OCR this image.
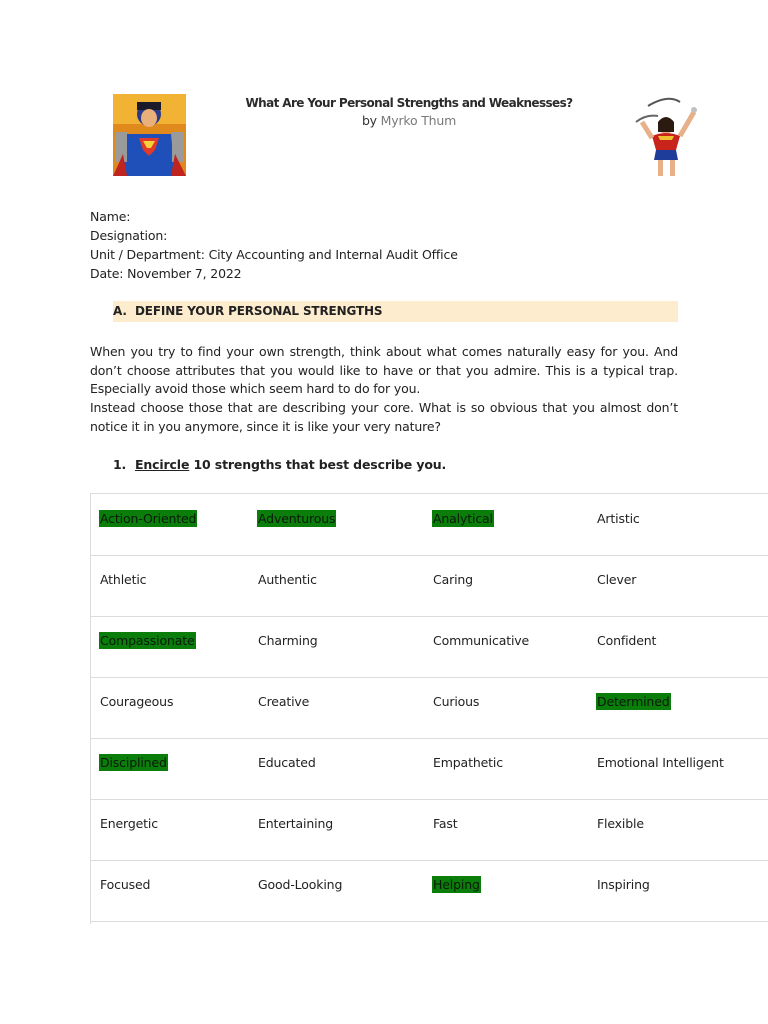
What Are Your Personal Strengths and Weaknesses?
by Myrko Thum
Name:
Designation:
Unit / Department: City Accounting and Internal Audit Office
Date: November 7, 2022
A. DEFINE YOUR PERSONAL STRENGTHS
When you try to find your own strength, think about what comes naturally easy for you. And don’t choose attributes that you would like to have or that you admire. This is a typical trap. Especially avoid those which seem hard to do for you.
Instead choose those that are describing your core. What is so obvious that you almost don’t notice it in you anymore, since it is like your very nature?
1. Encircle 10 strengths that best describe you.
Action-Oriented	Adventurous	Analytical	Artistic
Athletic	Authentic	Caring	Clever
Compassionate	Charming	Communicative	Confident
Courageous	Creative	Curious	Determined
Disciplined	Educated	Empathetic	Emotional Intelligent
Energetic	Entertaining	Fast	Flexible
Focused	Good-Looking	Helping	Inspiring
